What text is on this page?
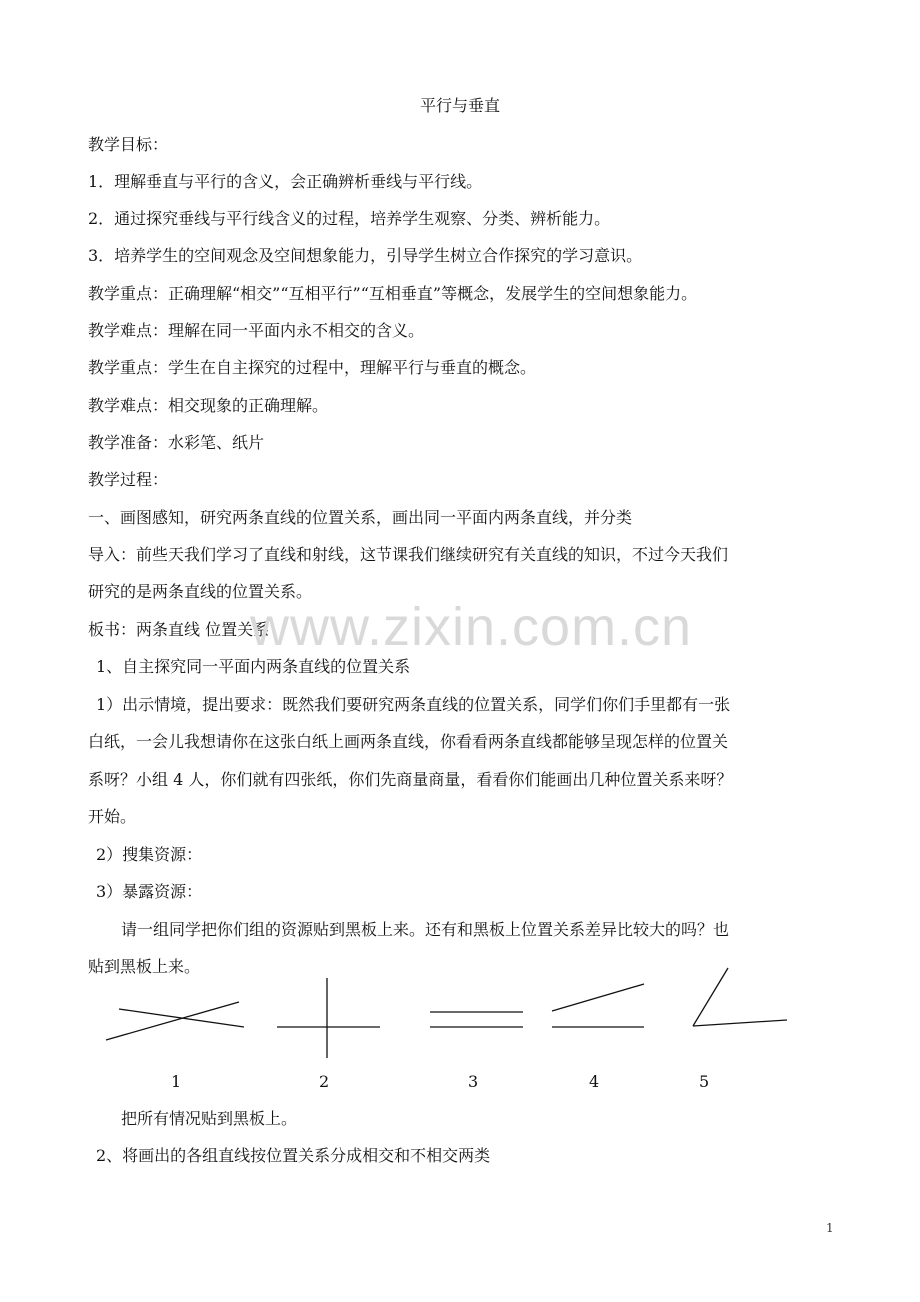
平行与垂直
教学目标：
1．理解垂直与平行的含义，会正确辨析垂线与平行线。
2．通过探究垂线与平行线含义的过程，培养学生观察、分类、辨析能力。
3．培养学生的空间观念及空间想象能力，引导学生树立合作探究的学习意识。
教学重点：正确理解“相交”“互相平行”“互相垂直”等概念，发展学生的空间想象能力。
教学难点：理解在同一平面内永不相交的含义。
教学重点：学生在自主探究的过程中，理解平行与垂直的概念。
教学难点：相交现象的正确理解。
教学准备：水彩笔、纸片
教学过程：
一、画图感知，研究两条直线的位置关系，画出同一平面内两条直线，并分类
导入：前些天我们学习了直线和射线，这节课我们继续研究有关直线的知识，不过今天我们
研究的是两条直线的位置关系。
板书：两条直线 位置关系
1、自主探究同一平面内两条直线的位置关系
1）出示情境，提出要求：既然我们要研究两条直线的位置关系，同学们你们手里都有一张
白纸，一会儿我想请你在这张白纸上画两条直线，你看看两条直线都能够呈现怎样的位置关
系呀？小组 4 人，你们就有四张纸，你们先商量商量，看看你们能画出几种位置关系来呀？
开始。
2）搜集资源：
3）暴露资源：
请一组同学把你们组的资源贴到黑板上来。还有和黑板上位置关系差异比较大的吗？也
贴到黑板上来。
1	2	3	4	5
把所有情况贴到黑板上。
2、将画出的各组直线按位置关系分成相交和不相交两类
www.zixin.com.cn
1
